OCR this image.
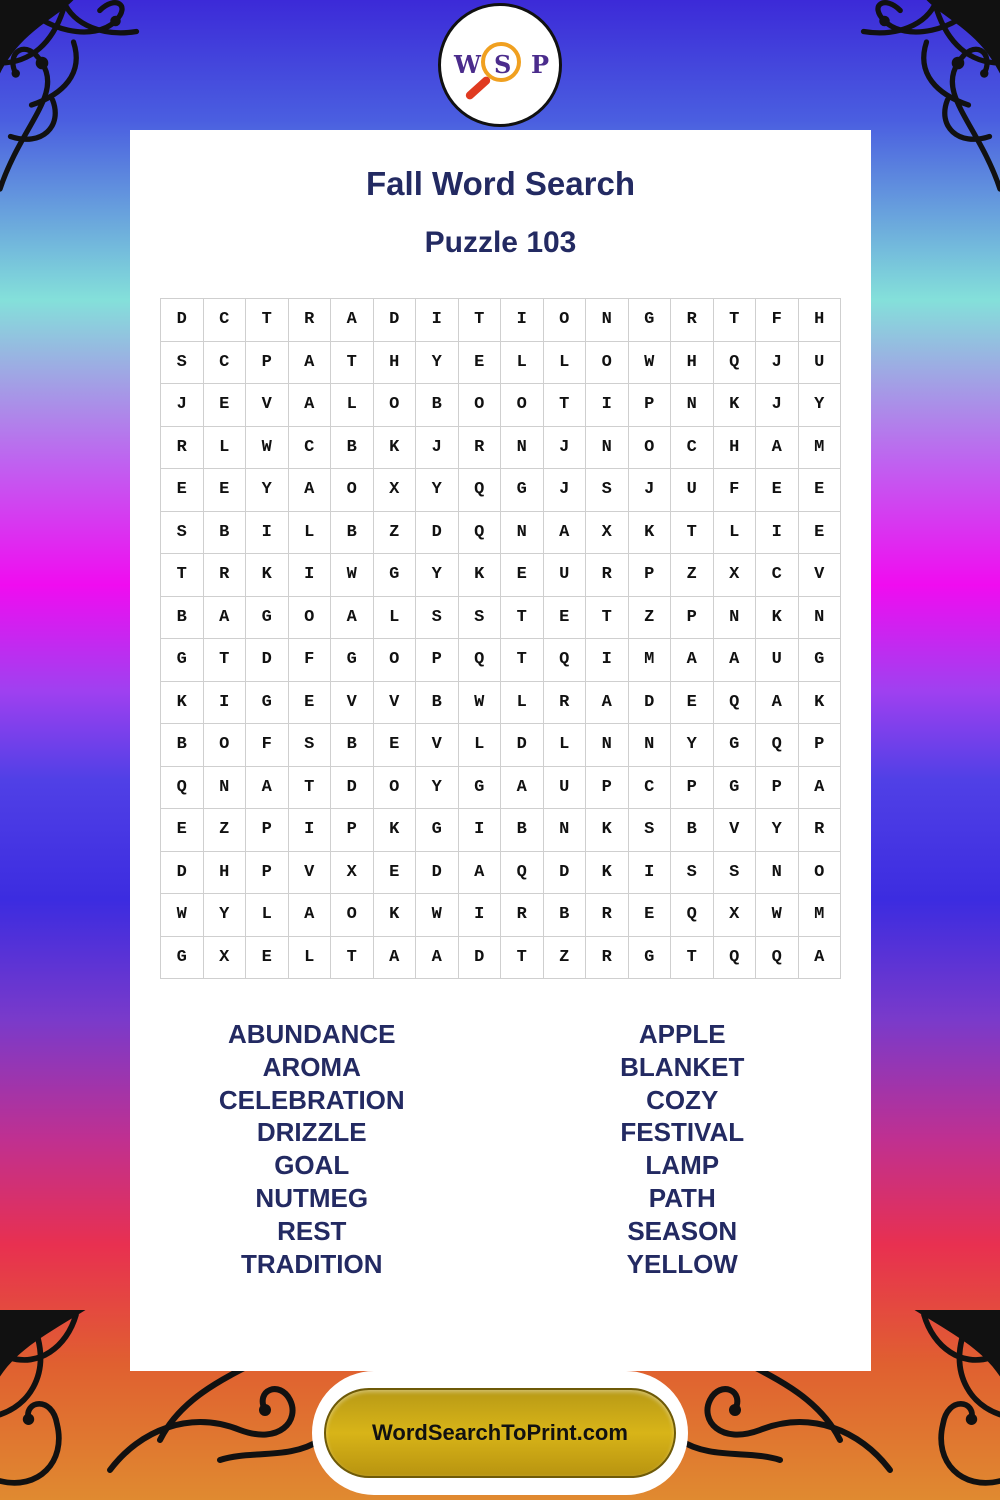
W S P
Fall Word Search
Puzzle 103
D	C	T	R	A	D	I	T	I	O	N	G	R	T	F	H
S	C	P	A	T	H	Y	E	L	L	O	W	H	Q	J	U
J	E	V	A	L	O	B	O	O	T	I	P	N	K	J	Y
R	L	W	C	B	K	J	R	N	J	N	O	C	H	A	M
E	E	Y	A	O	X	Y	Q	G	J	S	J	U	F	E	E
S	B	I	L	B	Z	D	Q	N	A	X	K	T	L	I	E
T	R	K	I	W	G	Y	K	E	U	R	P	Z	X	C	V
B	A	G	O	A	L	S	S	T	E	T	Z	P	N	K	N
G	T	D	F	G	O	P	Q	T	Q	I	M	A	A	U	G
K	I	G	E	V	V	B	W	L	R	A	D	E	Q	A	K
B	O	F	S	B	E	V	L	D	L	N	N	Y	G	Q	P
Q	N	A	T	D	O	Y	G	A	U	P	C	P	G	P	A
E	Z	P	I	P	K	G	I	B	N	K	S	B	V	Y	R
D	H	P	V	X	E	D	A	Q	D	K	I	S	S	N	O
W	Y	L	A	O	K	W	I	R	B	R	E	Q	X	W	M
G	X	E	L	T	A	A	D	T	Z	R	G	T	Q	Q	A
ABUNDANCE
AROMA
CELEBRATION
DRIZZLE
GOAL
NUTMEG
REST
TRADITION
APPLE
BLANKET
COZY
FESTIVAL
LAMP
PATH
SEASON
YELLOW
WordSearchToPrint.com
